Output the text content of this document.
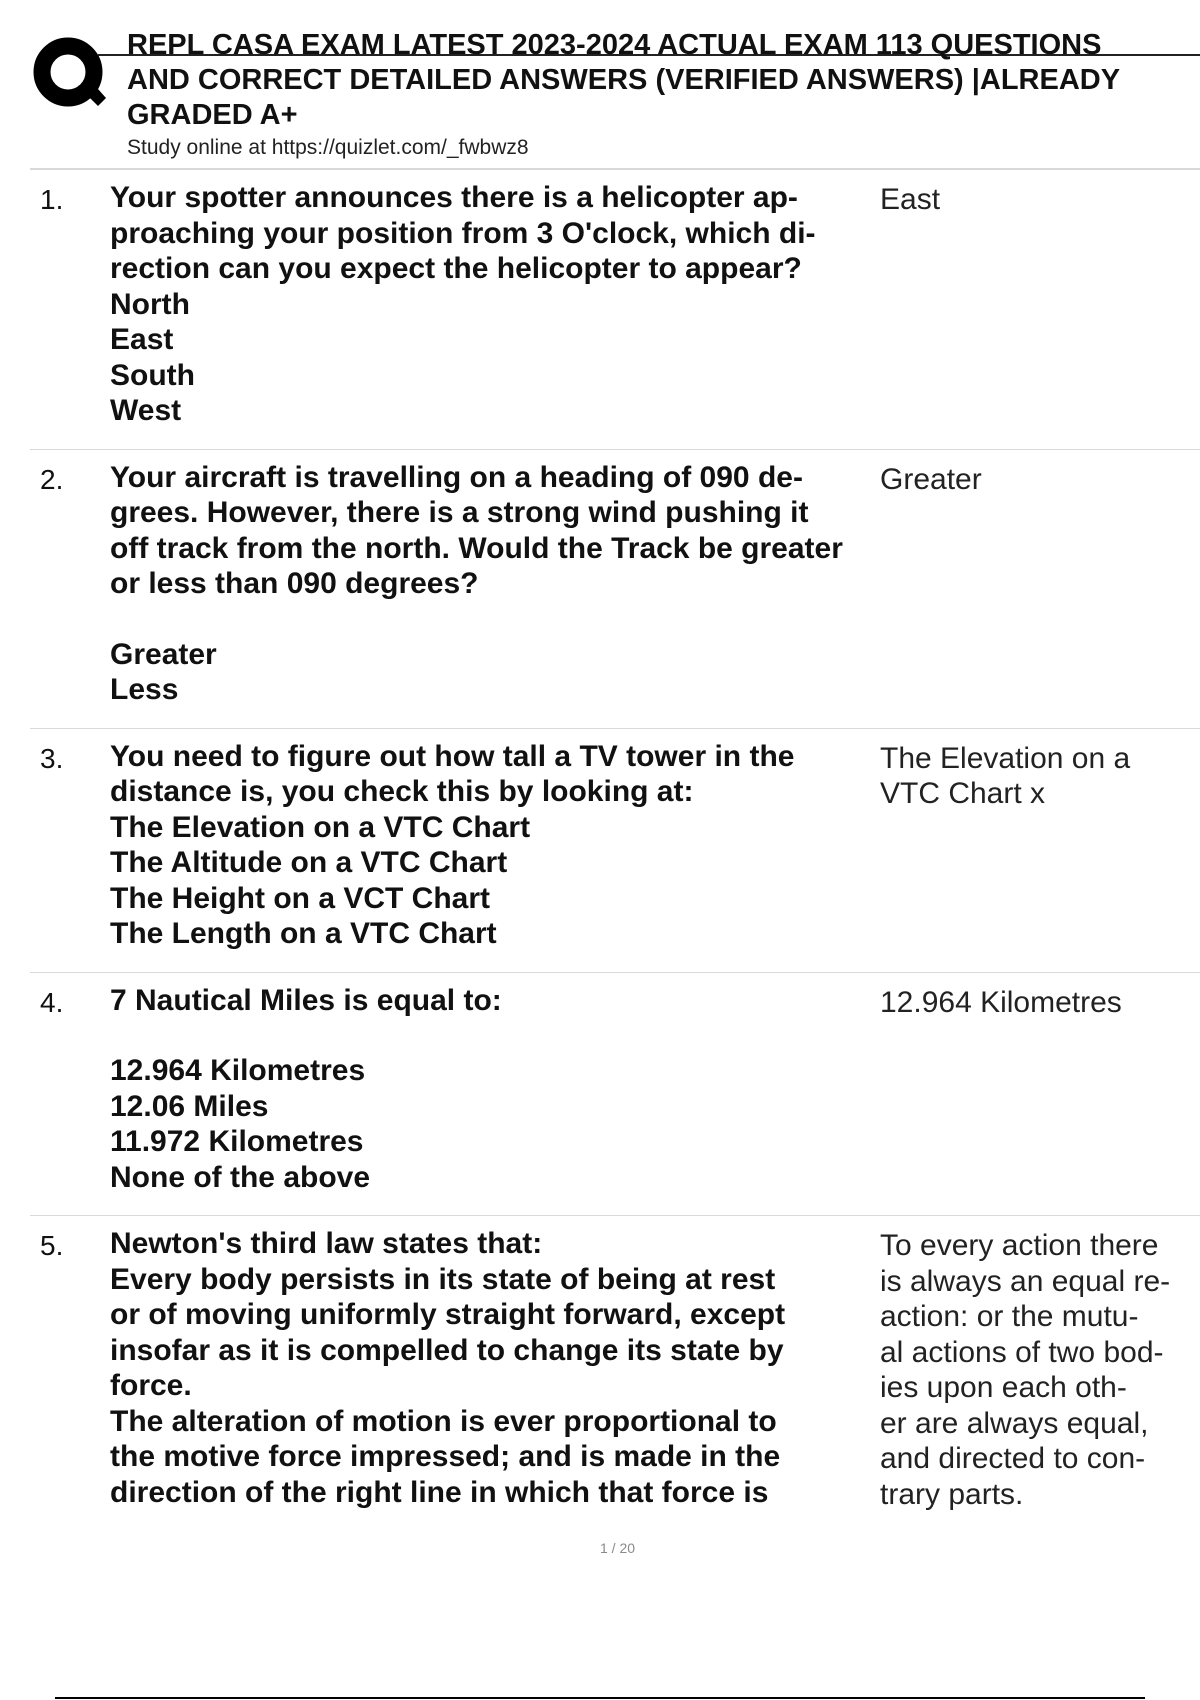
REPL CASA EXAM LATEST 2023-2024 ACTUAL EXAM 113 QUESTIONS
AND CORRECT DETAILED ANSWERS (VERIFIED ANSWERS) |ALREADY
GRADED A+
Study online at https://quizlet.com/_fwbwz8
1. Your spotter announces there is a helicopter ap-
proaching your position from 3 O'clock, which di-
rection can you expect the helicopter to appear?
North
East
South
West
East
2. Your aircraft is travelling on a heading of 090 de-
grees. However, there is a strong wind pushing it
off track from the north. Would the Track be greater
or less than 090 degrees?
Greater
Less
Greater
3. You need to figure out how tall a TV tower in the
distance is, you check this by looking at:
The Elevation on a VTC Chart
The Altitude on a VTC Chart
The Height on a VCT Chart
The Length on a VTC Chart
The Elevation on a
VTC Chart x
4. 7 Nautical Miles is equal to:
12.964 Kilometres
12.06 Miles
11.972 Kilometres
None of the above
12.964 Kilometres
5. Newton's third law states that:
Every body persists in its state of being at rest
or of moving uniformly straight forward, except
insofar as it is compelled to change its state by
force.
The alteration of motion is ever proportional to
the motive force impressed; and is made in the
direction of the right line in which that force is
To every action there
is always an equal re-
action: or the mutu-
al actions of two bod-
ies upon each oth-
er are always equal,
and directed to con-
trary parts.
1 / 20
